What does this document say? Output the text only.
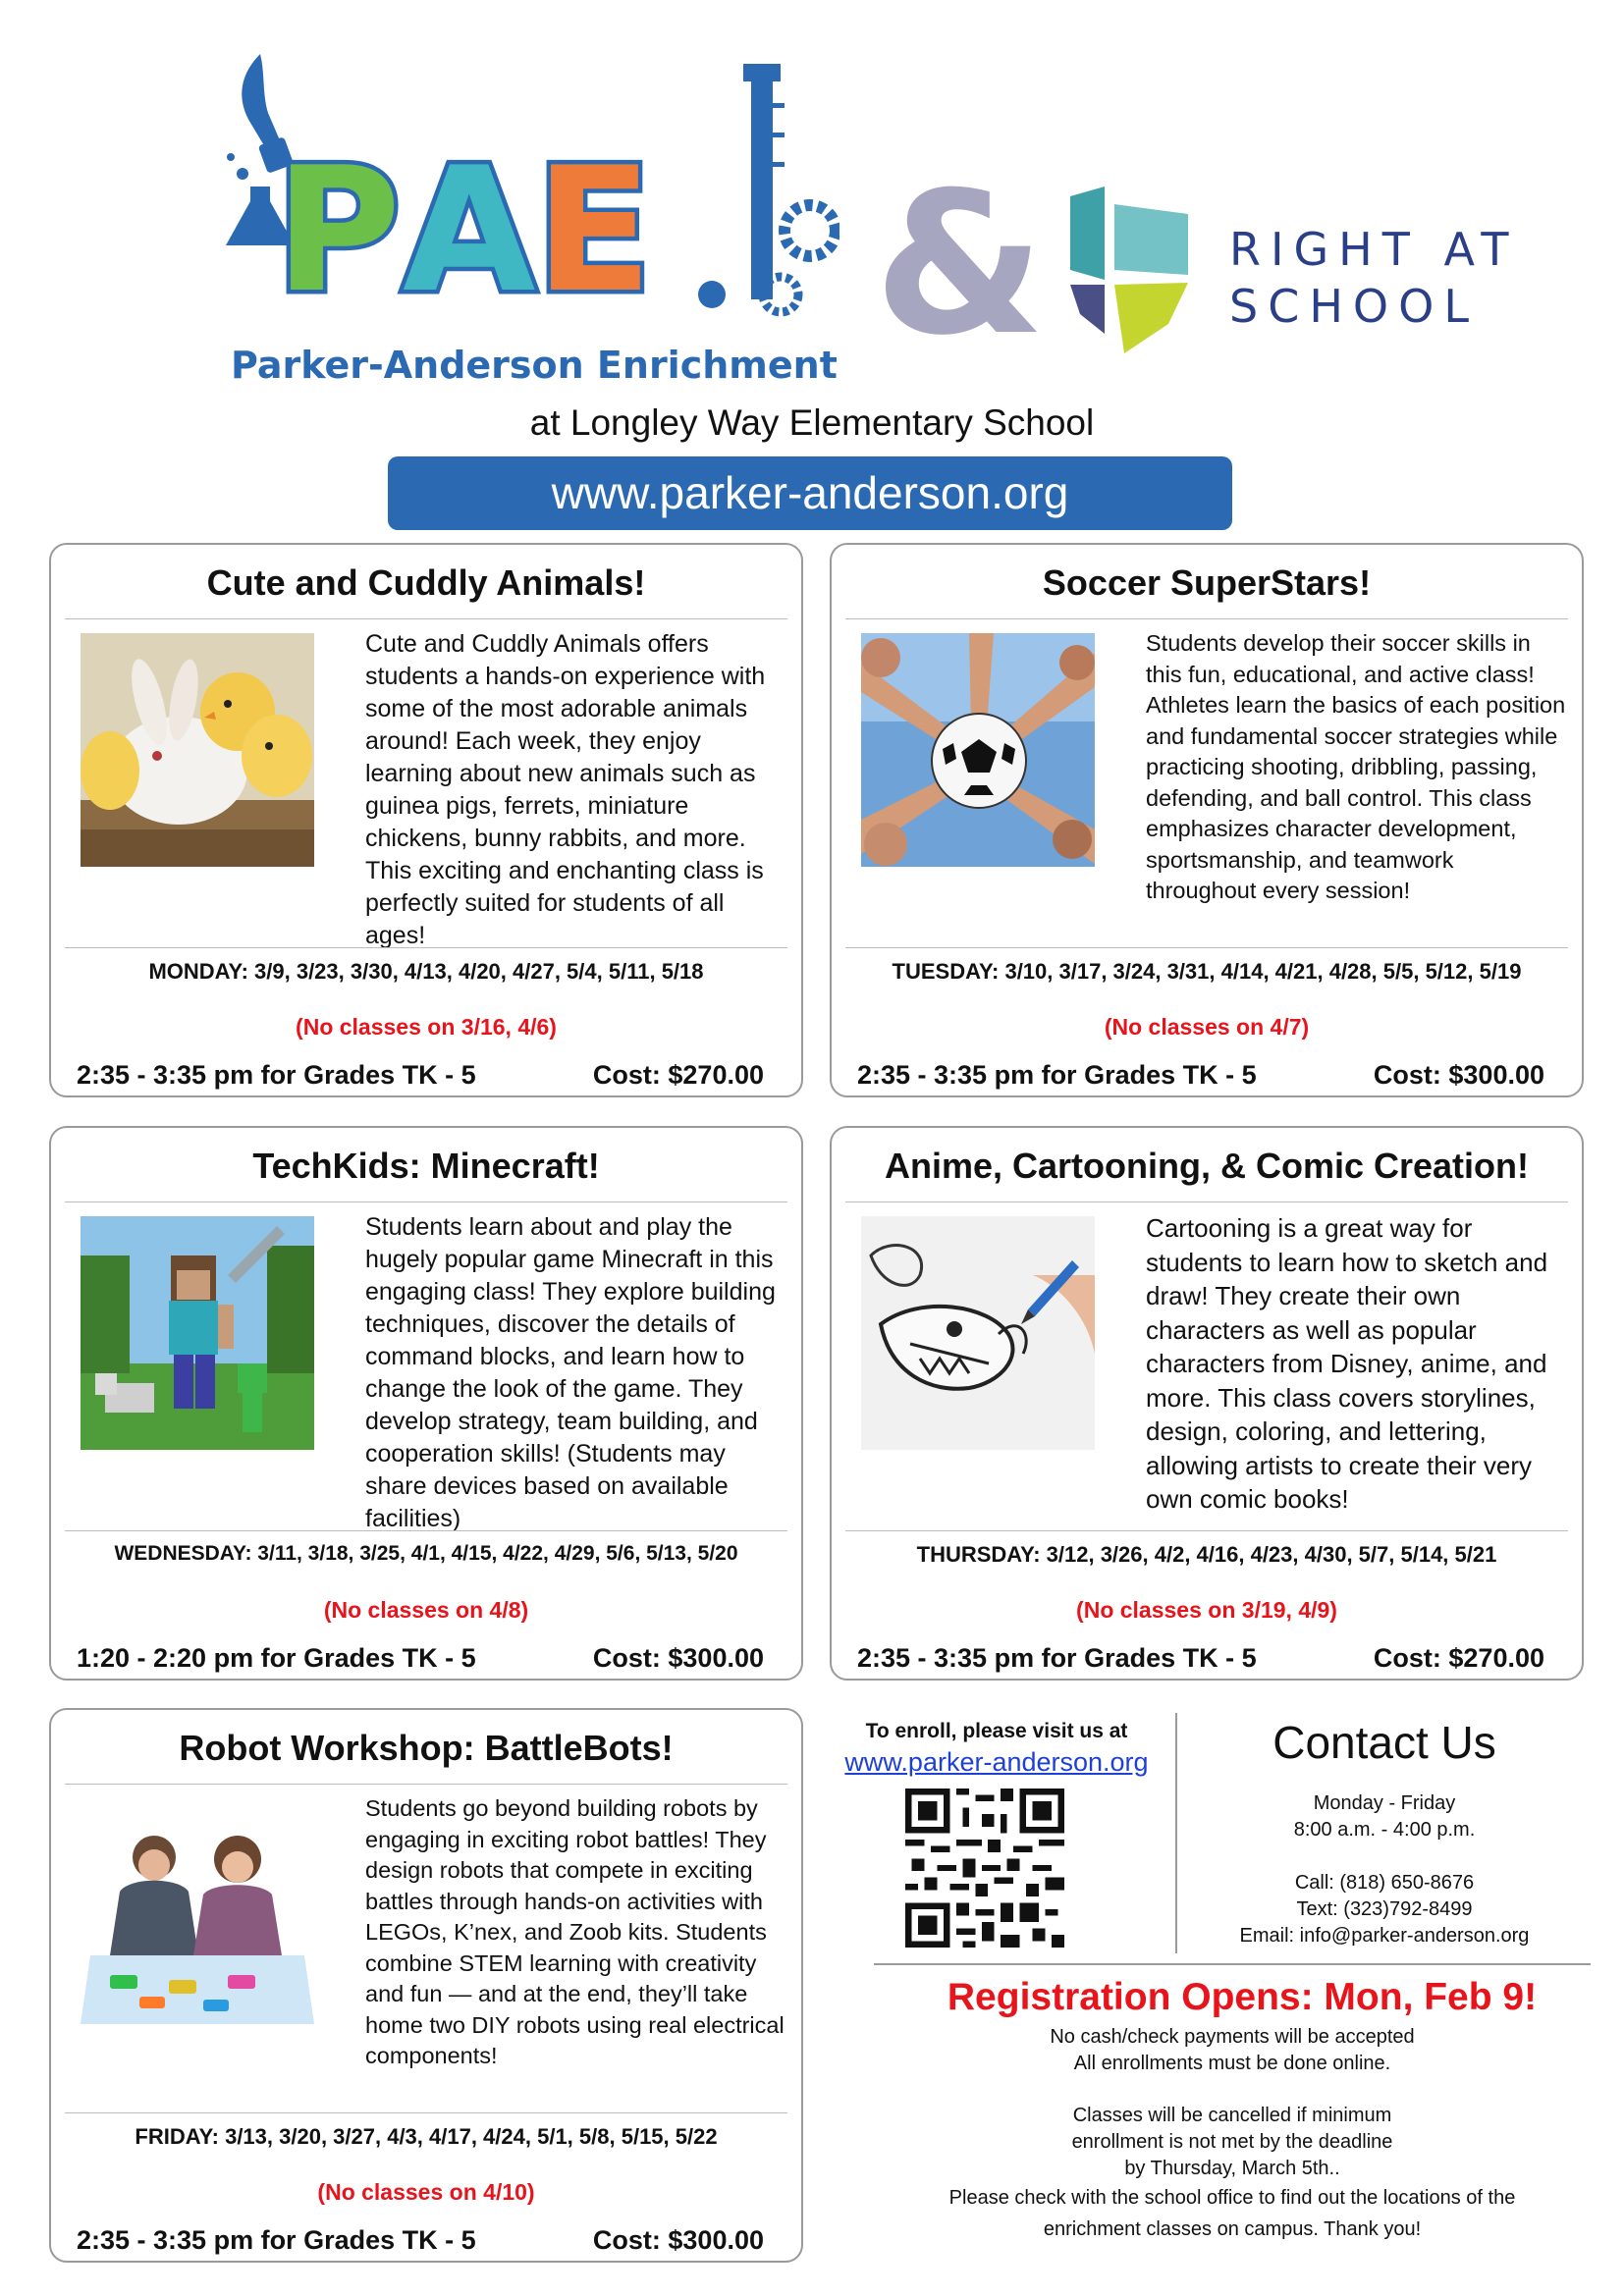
P A E
Parker-Anderson Enrichment &	RIGHT AT
SCHOOL
at Longley Way Elementary School
www.parker-anderson.org
Cute and Cuddly Animals!
Cute and Cuddly Animals offers students a hands-on experience with some of the most adorable animals around! Each week, they enjoy learning about new animals such as guinea pigs, ferrets, miniature chickens, bunny rabbits, and more. This exciting and enchanting class is perfectly suited for students of all ages!
MONDAY: 3/9, 3/23, 3/30, 4/13, 4/20, 4/27, 5/4, 5/11, 5/18
(No classes on 3/16, 4/6)
2:35 - 3:35 pm for Grades TK - 5	Cost: $270.00
Soccer SuperStars!
Students develop their soccer skills in this fun, educational, and active class! Athletes learn the basics of each position and fundamental soccer strategies while practicing shooting, dribbling, passing, defending, and ball control. This class emphasizes character development, sportsmanship, and teamwork throughout every session!
TUESDAY: 3/10, 3/17, 3/24, 3/31, 4/14, 4/21, 4/28, 5/5, 5/12, 5/19
(No classes on 4/7)
2:35 - 3:35 pm for Grades TK - 5	Cost: $300.00
TechKids: Minecraft!
Students learn about and play the hugely popular game Minecraft in this engaging class! They explore building techniques, discover the details of command blocks, and learn how to change the look of the game. They develop strategy, team building, and cooperation skills! (Students may share devices based on available facilities)
WEDNESDAY: 3/11, 3/18, 3/25, 4/1, 4/15, 4/22, 4/29, 5/6, 5/13, 5/20
(No classes on 4/8)
1:20 - 2:20 pm for Grades TK - 5	Cost: $300.00
Anime, Cartooning, & Comic Creation!
Cartooning is a great way for students to learn how to sketch and draw! They create their own characters as well as popular characters from Disney, anime, and more. This class covers storylines, design, coloring, and lettering, allowing artists to create their very own comic books!
THURSDAY: 3/12, 3/26, 4/2, 4/16, 4/23, 4/30, 5/7, 5/14, 5/21
(No classes on 3/19, 4/9)
2:35 - 3:35 pm for Grades TK - 5	Cost: $270.00
Robot Workshop: BattleBots!
Students go beyond building robots by engaging in exciting robot battles! They design robots that compete in exciting battles through hands-on activities with LEGOs, K’nex, and Zoob kits. Students combine STEM learning with creativity and fun — and at the end, they’ll take home two DIY robots using real electrical components!
FRIDAY: 3/13, 3/20, 3/27, 4/3, 4/17, 4/24, 5/1, 5/8, 5/15, 5/22
(No classes on 4/10)
2:35 - 3:35 pm for Grades TK - 5	Cost: $300.00
To enroll, please visit us at
www.parker-anderson.org	Contact Us
Monday - Friday
8:00 a.m. - 4:00 p.m.
Call: (818) 650-8676
Text: (323)792-8499
Email: info@parker-anderson.org
Registration Opens: Mon, Feb 9!
No cash/check payments will be accepted
All enrollments must be done online.
Classes will be cancelled if minimum
enrollment is not met by the deadline
by Thursday, March 5th..
Please check with the school office to find out the locations of the
enrichment classes on campus. Thank you!
